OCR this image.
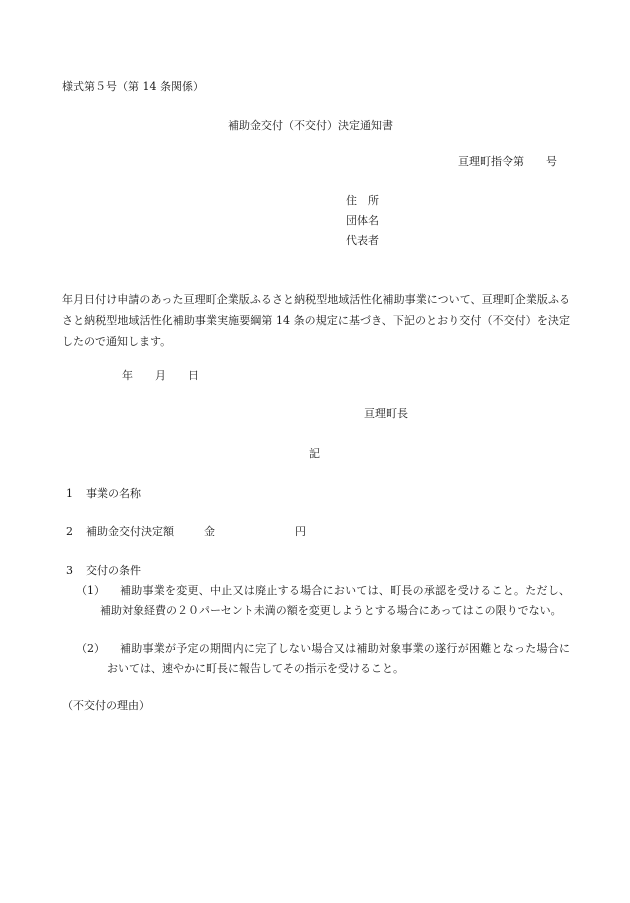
様式第５号（第 14 条関係）
補助金交付（不交付）決定通知書
亘理町指令第　　号
住　所
団体名
代表者
年月日付け申請のあった亘理町企業版ふるさと納税型地域活性化補助事業について、亘理町企業版ふるさと納税型地域活性化補助事業実施要綱第 14 条の規定に基づき、下記のとおり交付（不交付）を決定したので通知します。
年 月 日
亘理町長
記
1 事業の名称
2 補助金交付決定額	金	円
3 交付の条件
（1）	補助事業を変更、中止又は廃止する場合においては、町長の承認を受けること。ただし、補助対象経費の２０パーセント未満の額を変更しようとする場合にあってはこの限りでない。
（2）	補助事業が予定の期間内に完了しない場合又は補助対象事業の遂行が困難となった場合においては、速やかに町長に報告してその指示を受けること。
（不交付の理由）
